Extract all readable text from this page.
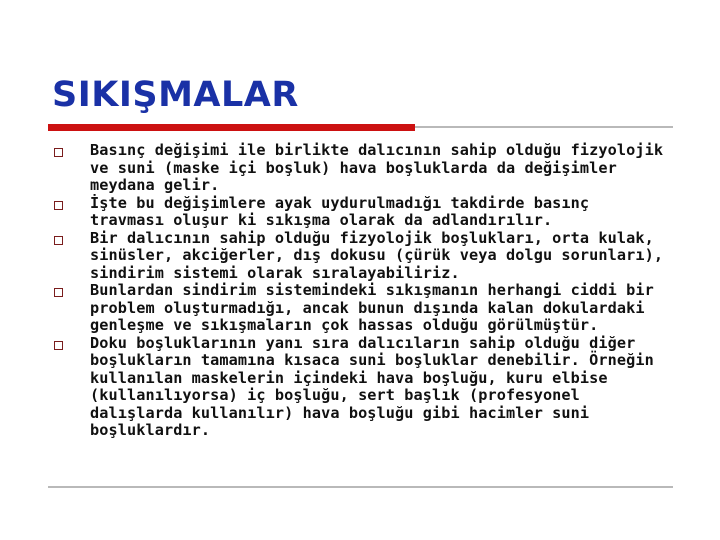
SIKIŞMALAR
Basınç değişimi ile birlikte dalıcının sahip olduğu fizyolojik ve suni (maske içi boşluk) hava boşluklarda da değişimler meydana gelir.
İşte bu değişimlere ayak uydurulmadığı takdirde basınç travması oluşur ki sıkışma olarak da adlandırılır.
Bir dalıcının sahip olduğu fizyolojik boşlukları, orta kulak, sinüsler, akciğerler, dış dokusu (çürük veya dolgu sorunları), sindirim sistemi olarak sıralayabiliriz.
Bunlardan sindirim sistemindeki sıkışmanın herhangi ciddi bir problem oluşturmadığı, ancak bunun dışında kalan dokulardaki genleşme ve sıkışmaların çok hassas olduğu görülmüştür.
Doku boşluklarının yanı sıra dalıcıların sahip olduğu diğer boşlukların tamamına kısaca suni boşluklar denebilir. Örneğin kullanılan maskelerin içindeki hava boşluğu, kuru elbise (kullanılıyorsa) iç boşluğu, sert başlık (profesyonel dalışlarda kullanılır) hava boşluğu gibi hacimler suni boşluklardır.
